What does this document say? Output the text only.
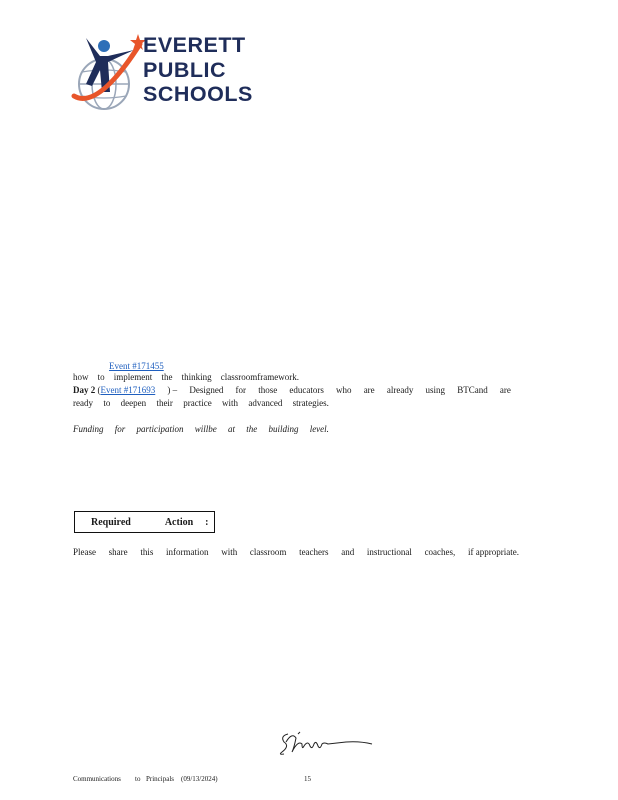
EVERETT
PUBLIC
SCHOOLS
Event #171455
how to implement the thinking classroomframework.
Day 2 (Event #171693 ) – Designed for those educators who are already using BTCand are
ready to deepen their practice with advanced strategies.
Funding for participation willbe at the building level.
Required	Action :
Please share this information with classroom teachers and instructional coaches, if appropriate.
Communications to Principals (09/13/2024)	15
